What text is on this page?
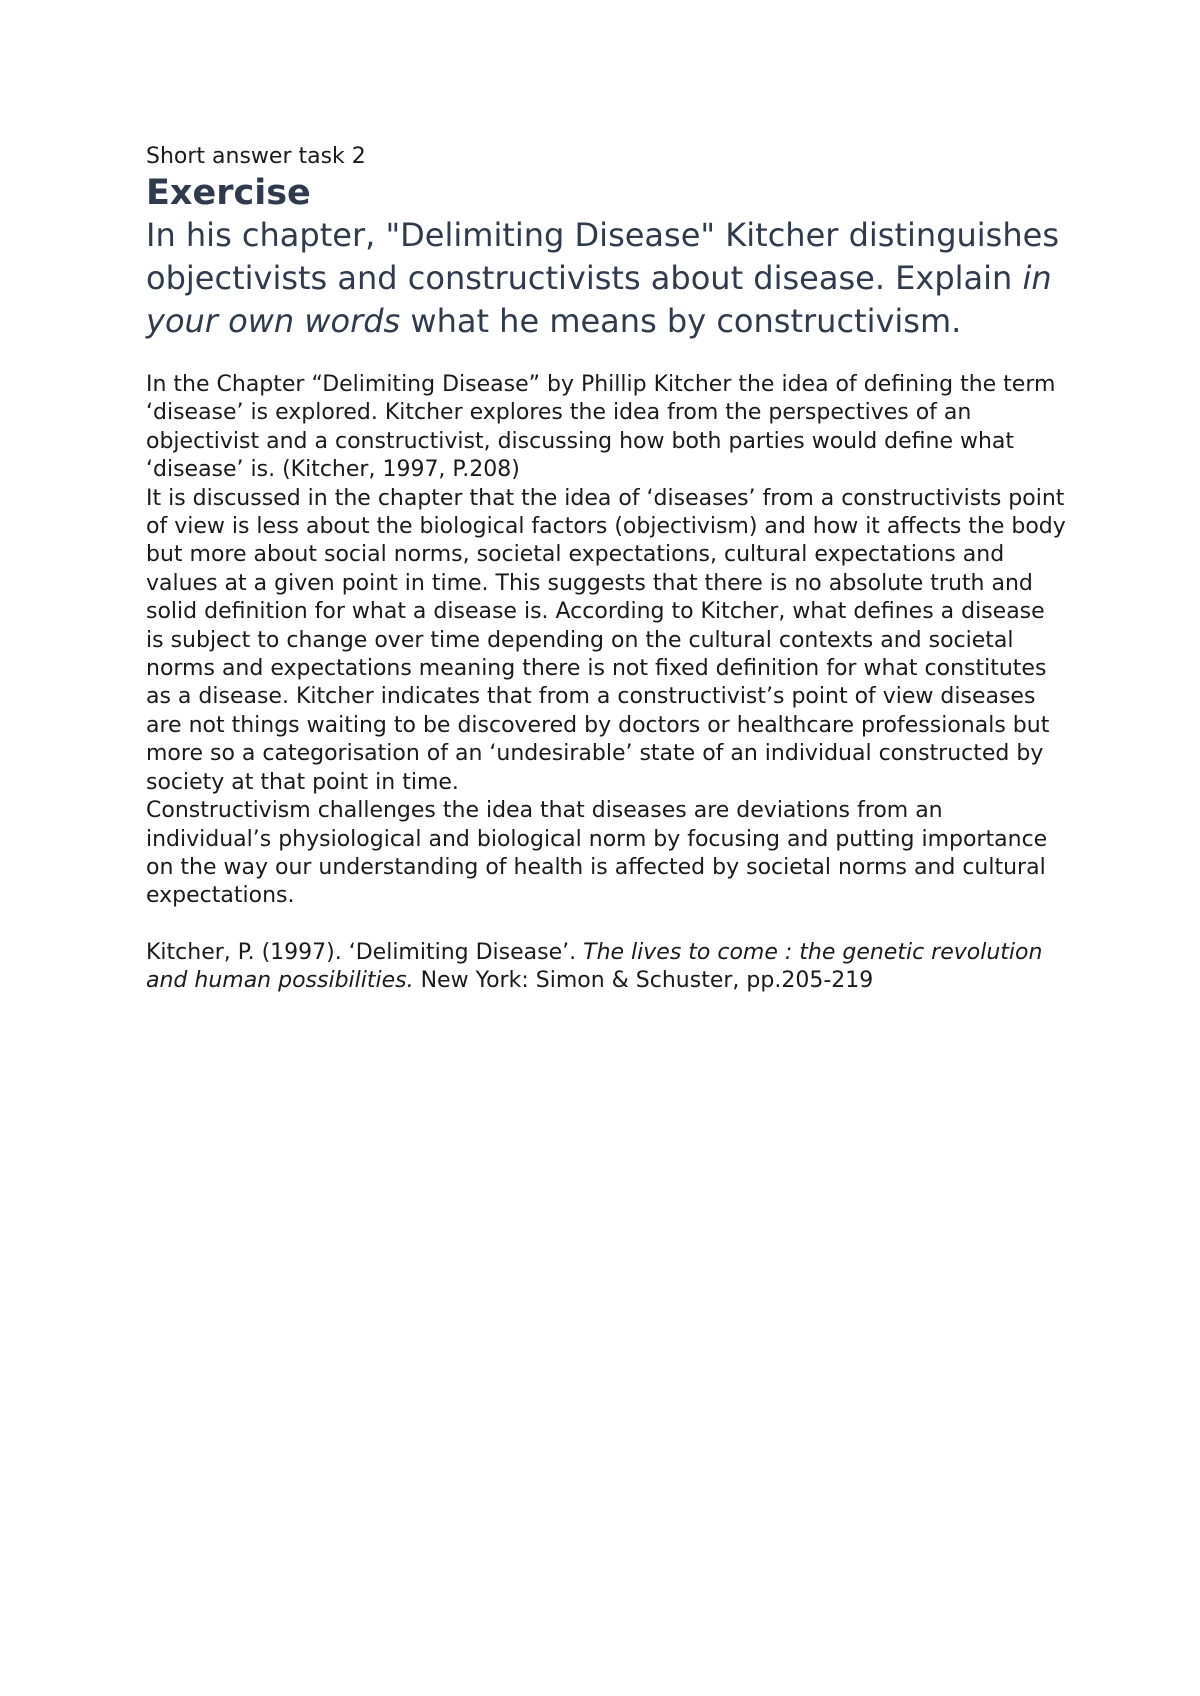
Short answer task 2

Exercise

In his chapter, "Delimiting Disease" Kitcher distinguishes objectivists and constructivists about disease. Explain in your own words what he means by constructivism.

In the Chapter “Delimiting Disease” by Phillip Kitcher the idea of defining the term ‘disease’ is explored. Kitcher explores the idea from the perspectives of an objectivist and a constructivist, discussing how both parties would define what ‘disease’ is. (Kitcher, 1997, P.208)

It is discussed in the chapter that the idea of ‘diseases’ from a constructivists point of view is less about the biological factors (objectivism) and how it affects the body but more about social norms, societal expectations, cultural expectations and values at a given point in time. This suggests that there is no absolute truth and solid definition for what a disease is. According to Kitcher, what defines a disease is subject to change over time depending on the cultural contexts and societal norms and expectations meaning there is not fixed definition for what constitutes as a disease. Kitcher indicates that from a constructivist’s point of view diseases are not things waiting to be discovered by doctors or healthcare professionals but more so a categorisation of an ‘undesirable’ state of an individual constructed by society at that point in time.

Constructivism challenges the idea that diseases are deviations from an individual’s physiological and biological norm by focusing and putting importance on the way our understanding of health is affected by societal norms and cultural expectations.

Kitcher, P. (1997). ‘Delimiting Disease’. The lives to come : the genetic revolution and human possibilities. New York: Simon & Schuster, pp.205-219
